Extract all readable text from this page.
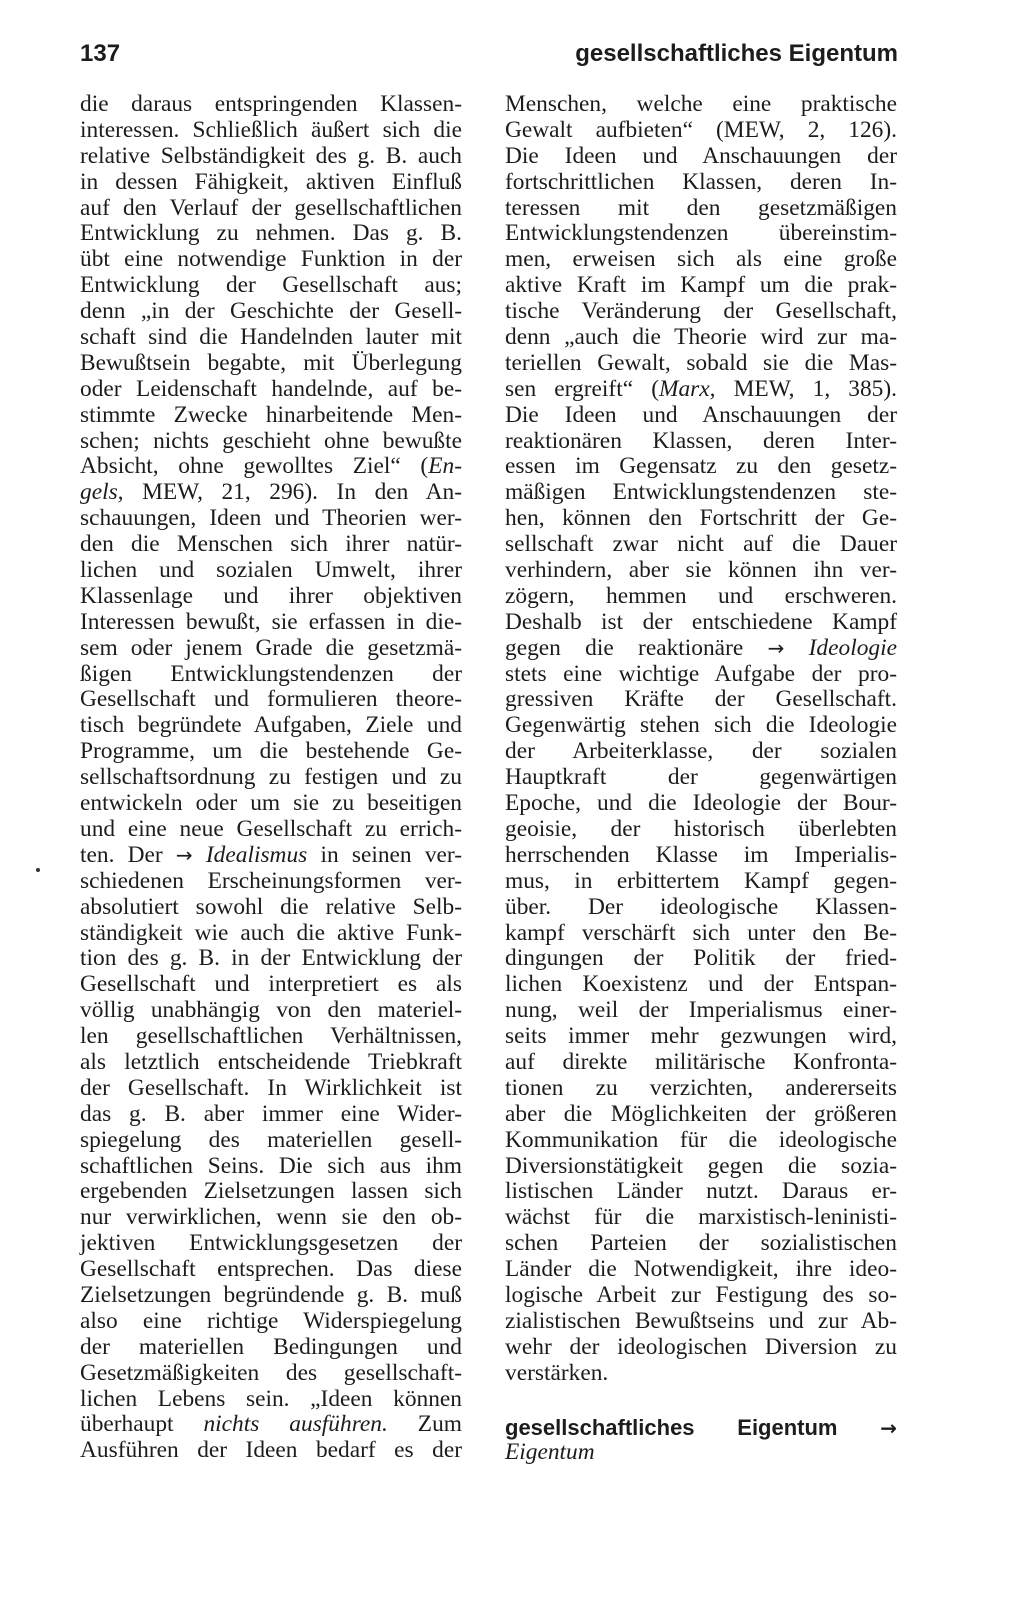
137	gesellschaftliches Eigentum
die daraus entspringenden Klassen-
interessen. Schließlich äußert sich die
relative Selbständigkeit des g. B. auch
in dessen Fähigkeit, aktiven Einfluß
auf den Verlauf der gesellschaftlichen
Entwicklung zu nehmen. Das g. B.
übt eine notwendige Funktion in der
Entwicklung der Gesellschaft aus;
denn „in der Geschichte der Gesell-
schaft sind die Handelnden lauter mit
Bewußtsein begabte, mit Überlegung
oder Leidenschaft handelnde, auf be-
stimmte Zwecke hinarbeitende Men-
schen; nichts geschieht ohne bewußte
Absicht, ohne gewolltes Ziel“ (En-
gels, MEW, 21, 296). In den An-
schauungen, Ideen und Theorien wer-
den die Menschen sich ihrer natür-
lichen und sozialen Umwelt, ihrer
Klassenlage und ihrer objektiven
Interessen bewußt, sie erfassen in die-
sem oder jenem Grade die gesetzmä-
ßigen Entwicklungstendenzen der
Gesellschaft und formulieren theore-
tisch begründete Aufgaben, Ziele und
Programme, um die bestehende Ge-
sellschaftsordnung zu festigen und zu
entwickeln oder um sie zu beseitigen
und eine neue Gesellschaft zu errich-
ten. Der → Idealismus in seinen ver-
schiedenen Erscheinungsformen ver-
absolutiert sowohl die relative Selb-
ständigkeit wie auch die aktive Funk-
tion des g. B. in der Entwicklung der
Gesellschaft und interpretiert es als
völlig unabhängig von den materiel-
len gesellschaftlichen Verhältnissen,
als letztlich entscheidende Triebkraft
der Gesellschaft. In Wirklichkeit ist
das g. B. aber immer eine Wider-
spiegelung des materiellen gesell-
schaftlichen Seins. Die sich aus ihm
ergebenden Zielsetzungen lassen sich
nur verwirklichen, wenn sie den ob-
jektiven Entwicklungsgesetzen der
Gesellschaft entsprechen. Das diese
Zielsetzungen begründende g. B. muß
also eine richtige Widerspiegelung
der materiellen Bedingungen und
Gesetzmäßigkeiten des gesellschaft-
lichen Lebens sein. „Ideen können
überhaupt nichts ausführen. Zum
Ausführen der Ideen bedarf es der
Menschen, welche eine praktische
Gewalt aufbieten“ (MEW, 2, 126).
Die Ideen und Anschauungen der
fortschrittlichen Klassen, deren In-
teressen mit den gesetzmäßigen
Entwicklungstendenzen übereinstim-
men, erweisen sich als eine große
aktive Kraft im Kampf um die prak-
tische Veränderung der Gesellschaft,
denn „auch die Theorie wird zur ma-
teriellen Gewalt, sobald sie die Mas-
sen ergreift“ (Marx, MEW, 1, 385).
Die Ideen und Anschauungen der
reaktionären Klassen, deren Inter-
essen im Gegensatz zu den gesetz-
mäßigen Entwicklungstendenzen ste-
hen, können den Fortschritt der Ge-
sellschaft zwar nicht auf die Dauer
verhindern, aber sie können ihn ver-
zögern, hemmen und erschweren.
Deshalb ist der entschiedene Kampf
gegen die reaktionäre → Ideologie
stets eine wichtige Aufgabe der pro-
gressiven Kräfte der Gesellschaft.
Gegenwärtig stehen sich die Ideologie
der Arbeiterklasse, der sozialen
Hauptkraft der gegenwärtigen
Epoche, und die Ideologie der Bour-
geoisie, der historisch überlebten
herrschenden Klasse im Imperialis-
mus, in erbittertem Kampf gegen-
über. Der ideologische Klassen-
kampf verschärft sich unter den Be-
dingungen der Politik der fried-
lichen Koexistenz und der Entspan-
nung, weil der Imperialismus einer-
seits immer mehr gezwungen wird,
auf direkte militärische Konfronta-
tionen zu verzichten, andererseits
aber die Möglichkeiten der größeren
Kommunikation für die ideologische
Diversionstätigkeit gegen die sozia-
listischen Länder nutzt. Daraus er-
wächst für die marxistisch-leninisti-
schen Parteien der sozialistischen
Länder die Notwendigkeit, ihre ideo-
logische Arbeit zur Festigung des so-
zialistischen Bewußtseins und zur Ab-
wehr der ideologischen Diversion zu
verstärken.
gesellschaftliches Eigentum →
Eigentum
